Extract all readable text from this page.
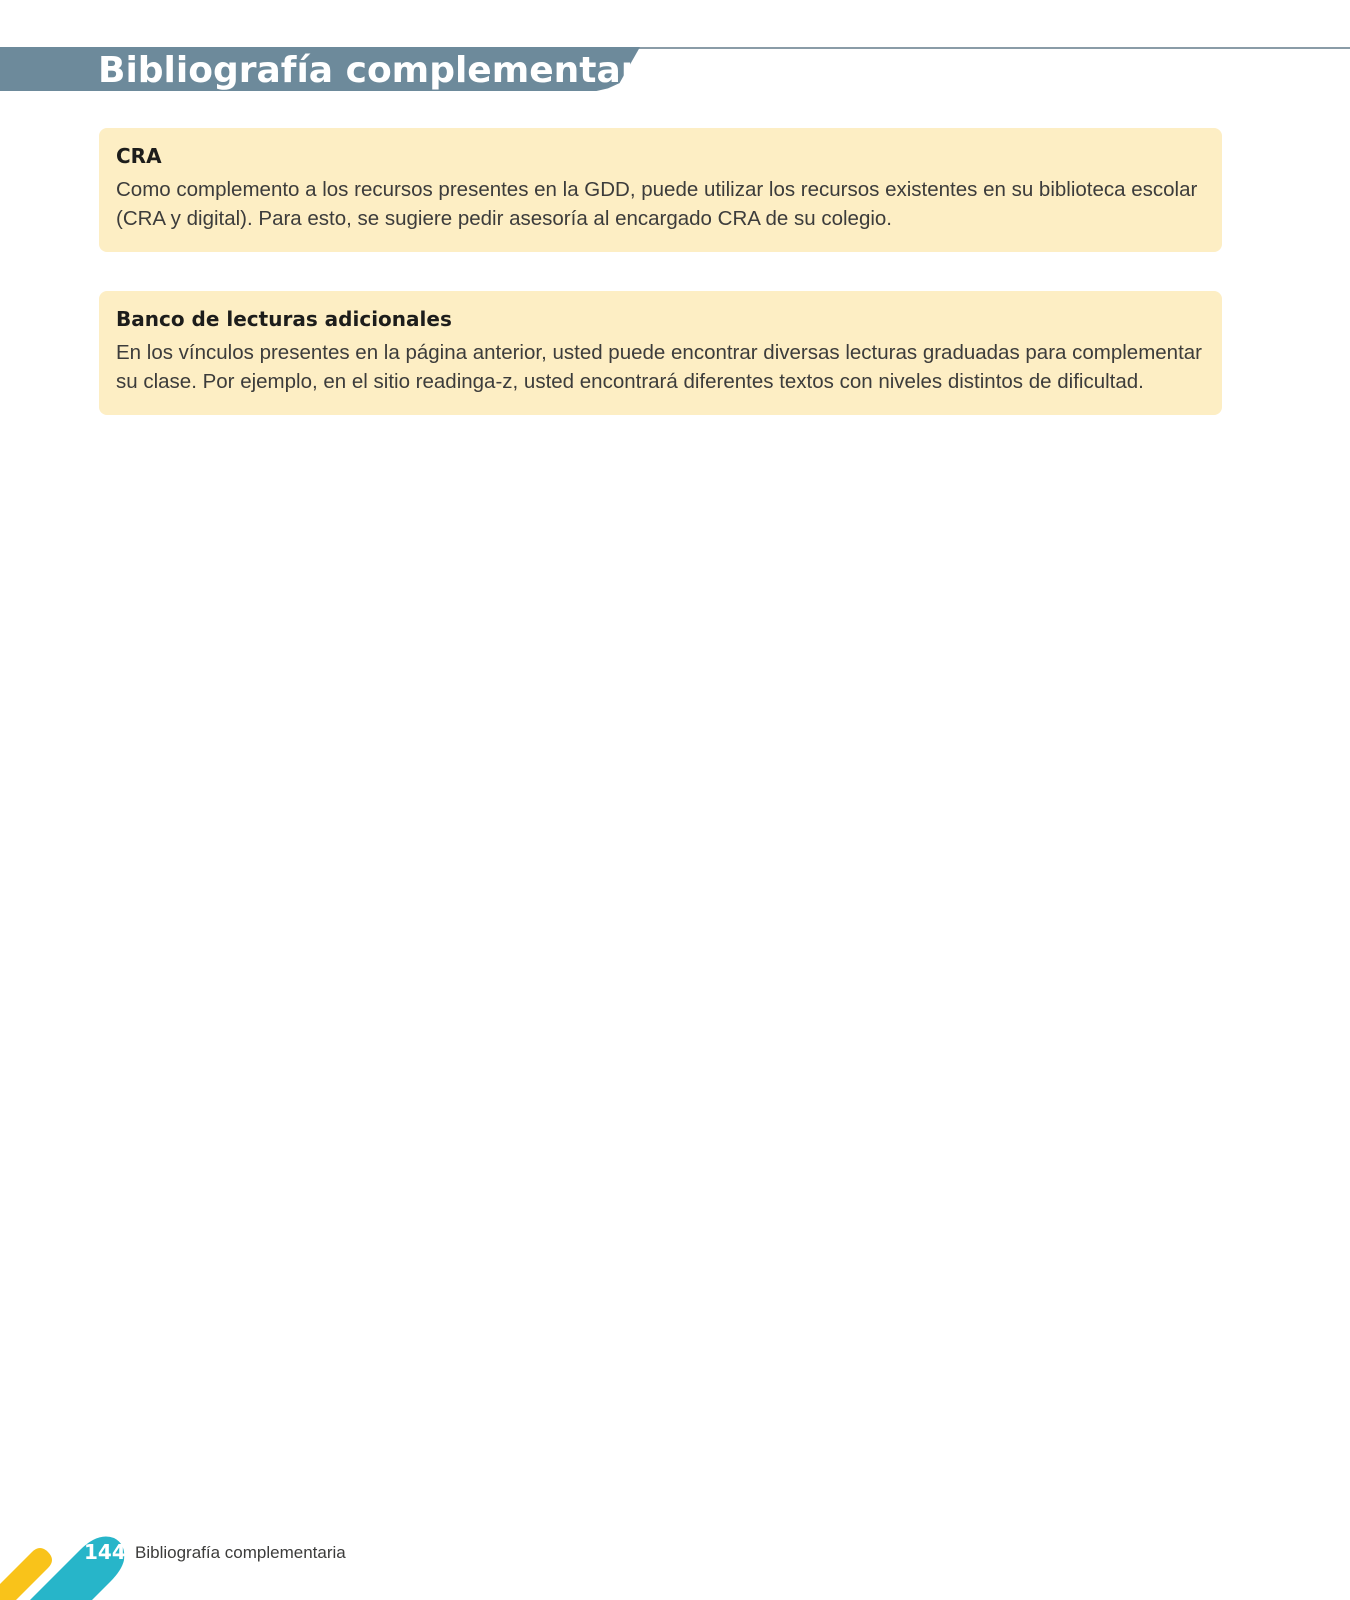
Bibliografía complementaria
CRA

Como complemento a los recursos presentes en la GDD, puede utilizar los recursos existentes en su biblioteca escolar (CRA y digital). Para esto, se sugiere pedir asesoría al encargado CRA de su colegio.

Banco de lecturas adicionales

En los vínculos presentes en la página anterior, usted puede encontrar diversas lecturas graduadas para complementar su clase. Por ejemplo, en el sitio readinga-z, usted encontrará diferentes textos con niveles distintos de dificultad.

144 Bibliografía complementaria
